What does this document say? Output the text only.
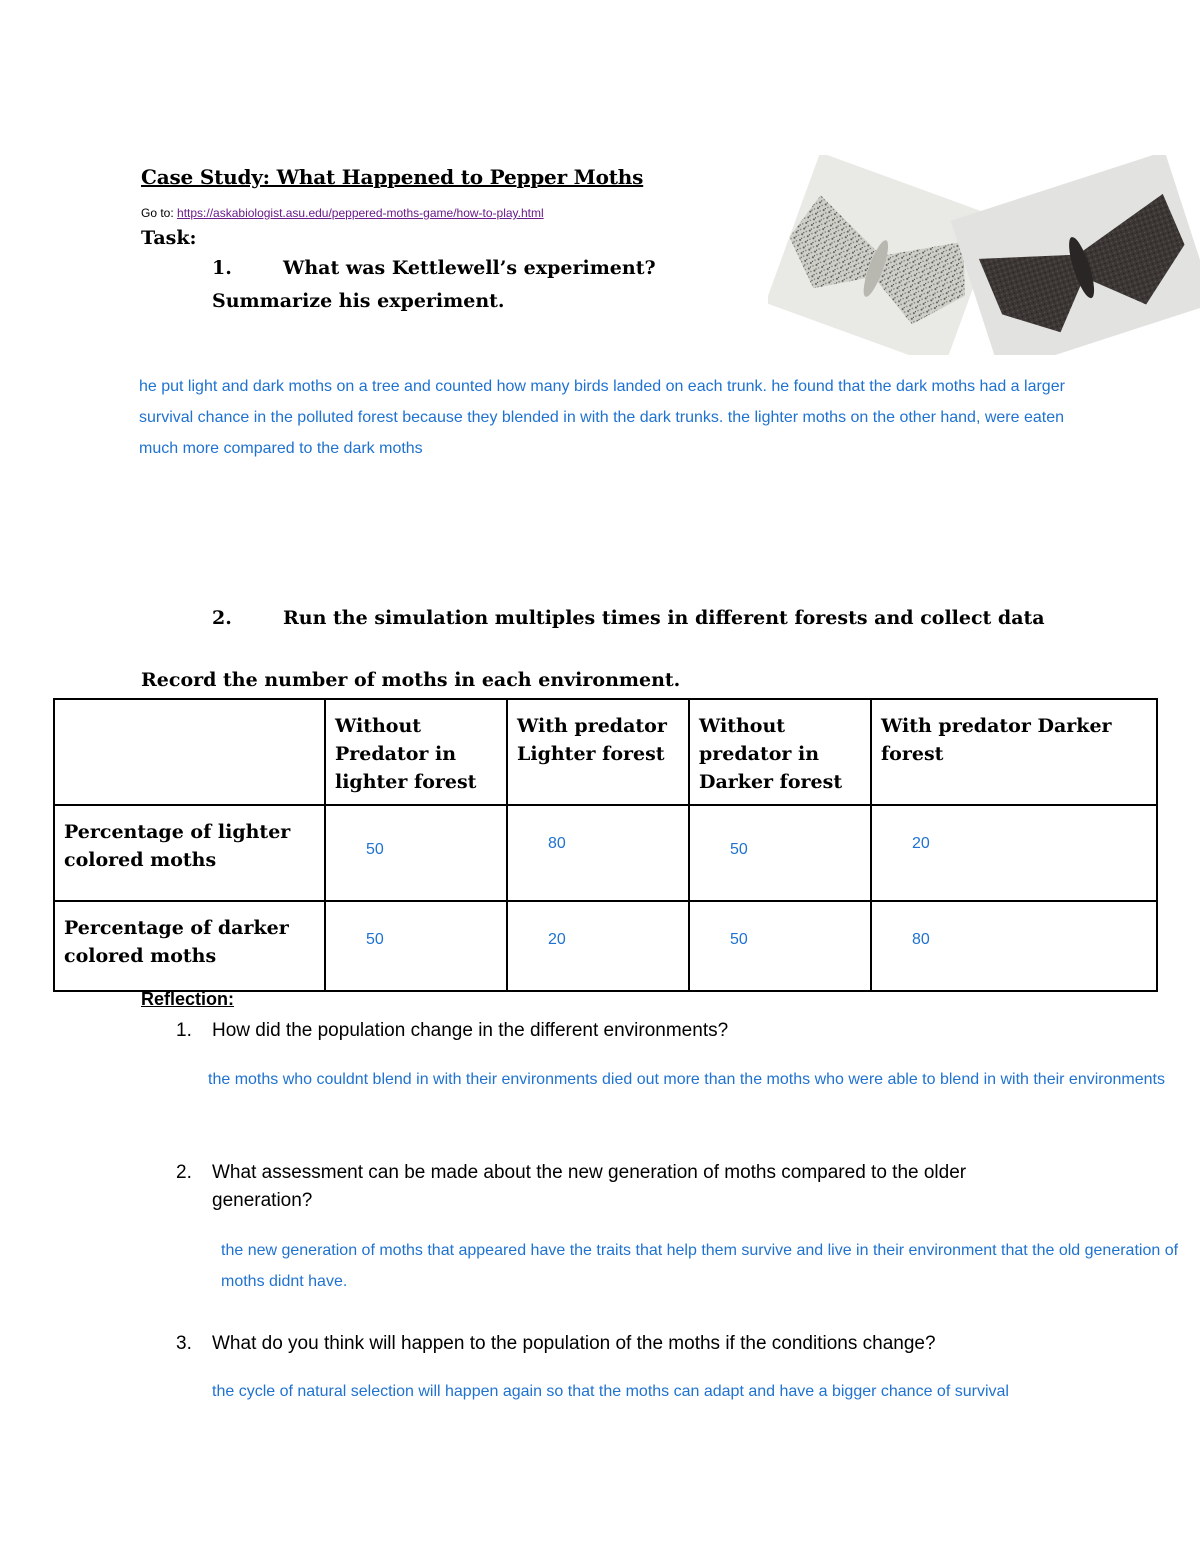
Case Study: What Happened to Pepper Moths
Go to: https://askabiologist.asu.edu/peppered-moths-game/how-to-play.html
Task:
1.	What was Kettlewell’s experiment?
Summarize his experiment.
he put light and dark moths on a tree and counted how many birds landed on each trunk. he found that the dark moths had a larger survival chance in the polluted forest because they blended in with the dark trunks. the lighter moths on the other hand, were eaten much more compared to the dark moths
2.	Run the simulation multiples times in different forests and collect data
Record the number of moths in each environment.
	Without Predator in lighter forest	With predator Lighter forest	Without predator in Darker forest	With predator Darker forest
Percentage of lighter colored moths	50	80	50	20
Percentage of darker colored moths	50	20	50	80
Reflection:
1. How did the population change in the different environments?
the moths who couldnt blend in with their environments died out more than the moths who were able to blend in with their environments
2. What assessment can be made about the new generation of moths compared to the older generation?
the new generation of moths that appeared have the traits that help them survive and live in their environment that the old generation of moths didnt have.
3. What do you think will happen to the population of the moths if the conditions change?
the cycle of natural selection will happen again so that the moths can adapt and have a bigger chance of survival
